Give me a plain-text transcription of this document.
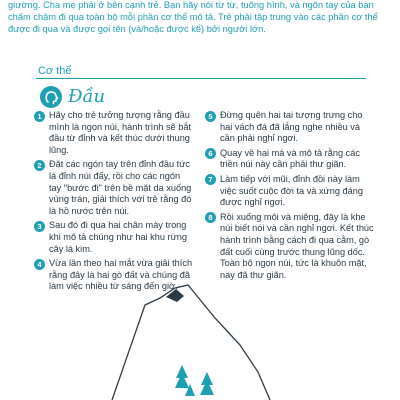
giường. Cha mẹ phải ở bên cạnh trẻ. Bạn hãy nói từ từ, tuông hình, và ngôn tay của bạn chấm chậm đi qua toàn bộ mỗi phần cơ thể mô tả. Trẻ phải tập trung vào các phần cơ thể được đi qua và được gọi tên (và/hoặc được kể) bởi người lớn.

Cơ thể
Đầu
1 Hãy cho trẻ tưởng tượng rằng đầu mình là ngọn núi, hành trình sẽ bắt đầu từ đỉnh và kết thúc dưới thung lũng.
2 Đặt các ngón tay trên đỉnh đầu tức là đỉnh núi đấy, rồi cho các ngón tay "bước đi" trên bề mặt da xuống vùng trán, giải thích với trẻ rằng đó là hồ nước trên núi.
3 Sau đó đi qua hai chân mày trong khi mô tả chúng như hai khu rừng cây lá kim.
4 Vừa lần theo hai mắt vừa giải thích rằng đây là hai gò đất và chúng đã làm việc nhiều từ sáng đến giờ.
5 Đừng quên hai tai tượng trưng cho hai vách đá đã lắng nghe nhiều và cần phải nghỉ ngơi.
6 Quay về hai má và mô tả rằng các triền núi này cần phải thư giãn.
7 Làm tiếp với mũi, đỉnh đồi này làm việc suốt cuộc đời ta và xứng đáng được nghỉ ngơi.
8 Rồi xuống môi và miệng, đây là khe núi biết nói và cần nghỉ ngơi. Kết thúc hành trình bằng cách đi qua cằm, gò đất cuối cùng trước thung lũng dốc. Toàn bộ ngọn núi, tức là khuôn mặt, nay đã thư giãn.
